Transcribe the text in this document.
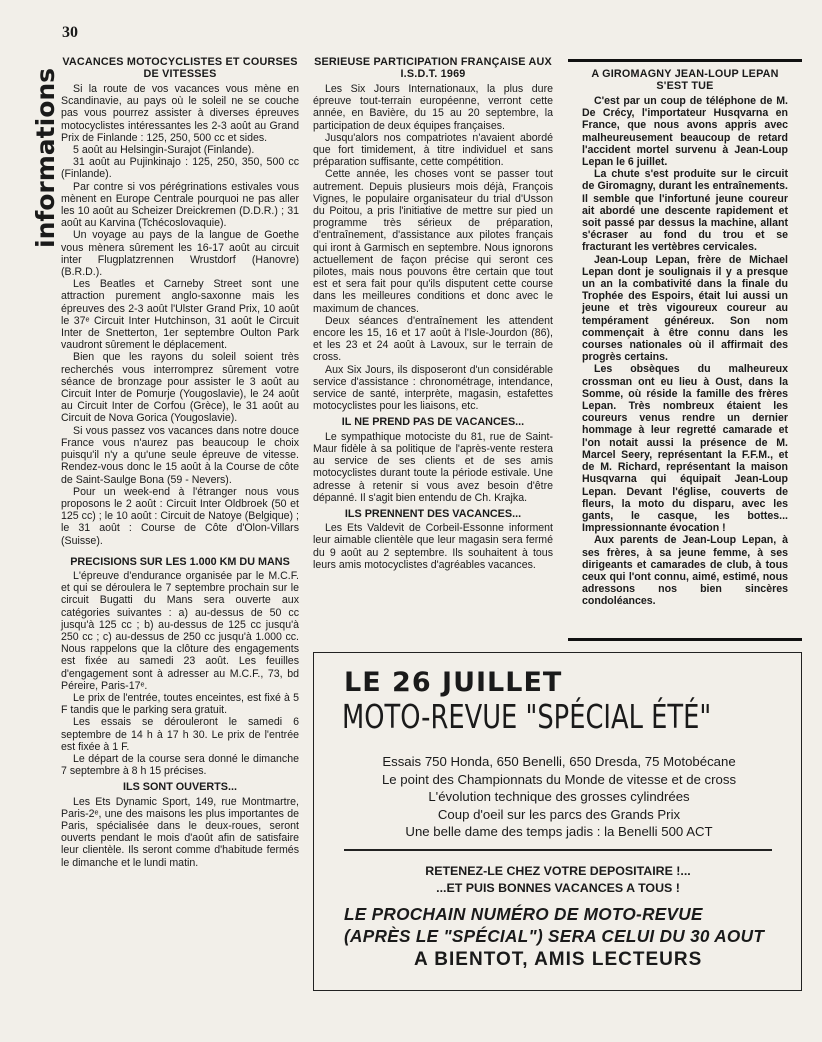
30
informations
VACANCES MOTOCYCLISTES ET COURSES DE VITESSES

Si la route de vos vacances vous mène en Scandinavie, au pays où le soleil ne se couche pas vous pourrez assister à diverses épreuves motocyclistes intéressantes les 2-3 août au Grand Prix de Finlande : 125, 250, 500 cc et sides.

5 août au Helsingin-Surajot (Finlande).

31 août au Pujinkinajo : 125, 250, 350, 500 cc (Finlande).

Par contre si vos pérégrinations estivales vous mènent en Europe Centrale pourquoi ne pas aller les 10 août au Scheizer Dreickremen (D.D.R.) ; 31 août au Karvina (Tchécoslovaquie).

Un voyage au pays de la langue de Goethe vous mènera sûrement les 16-17 août au circuit inter Flugplatzrennen Wrustdorf (Hanovre) (B.R.D.).

Les Beatles et Carneby Street sont une attraction purement anglo-saxonne mais les épreuves des 2-3 août l'Ulster Grand Prix, 10 août le 37ᵉ Circuit Inter Hutchinson, 31 août le Circuit Inter de Snetterton, 1er septembre Oulton Park vaudront sûrement le déplacement.

Bien que les rayons du soleil soient très recherchés vous interromprez sûrement votre séance de bronzage pour assister le 3 août au Circuit Inter de Pomurje (Yougoslavie), le 24 août au Circuit Inter de Corfou (Grèce), le 31 août au Circuit de Nova Gorica (Yougoslavie).

Si vous passez vos vacances dans notre douce France vous n'aurez pas beaucoup le choix puisqu'il n'y a qu'une seule épreuve de vitesse. Rendez-vous donc le 15 août à la Course de côte de Saint-Saulge Bona (59 - Nevers).

Pour un week-end à l'étranger nous vous proposons le 2 août : Circuit Inter Oldbroek (50 et 125 cc) ; le 10 août : Circuit de Natoye (Belgique) ; le 31 août : Course de Côte d'Olon-Villars (Suisse).

PRECISIONS SUR LES 1.000 KM DU MANS

L'épreuve d'endurance organisée par le M.C.F. et qui se déroulera le 7 septembre prochain sur le circuit Bugatti du Mans sera ouverte aux catégories suivantes : a) au-dessus de 50 cc jusqu'à 125 cc ; b) au-dessus de 125 cc jusqu'à 250 cc ; c) au-dessus de 250 cc jusqu'à 1.000 cc. Nous rappelons que la clôture des engagements est fixée au samedi 23 août. Les feuilles d'engagement sont à adresser au M.C.F., 73, bd Péreire, Paris-17ᵉ.

Le prix de l'entrée, toutes enceintes, est fixé à 5 F tandis que le parking sera gratuit.

Les essais se dérouleront le samedi 6 septembre de 14 h à 17 h 30. Le prix de l'entrée est fixée à 1 F.

Le départ de la course sera donné le dimanche 7 septembre à 8 h 15 précises.

ILS SONT OUVERTS...

Les Ets Dynamic Sport, 149, rue Montmartre, Paris-2ᵉ, une des maisons les plus importantes de Paris, spécialisée dans le deux-roues, seront ouverts pendant le mois d'août afin de satisfaire leur clientèle. Ils seront comme d'habitude fermés le dimanche et le lundi matin.

SERIEUSE PARTICIPATION FRANÇAISE AUX I.S.D.T. 1969

Les Six Jours Internationaux, la plus dure épreuve tout-terrain européenne, verront cette année, en Bavière, du 15 au 20 septembre, la participation de deux équipes françaises.

Jusqu'alors nos compatriotes n'avaient abordé que fort timidement, à titre individuel et sans préparation suffisante, cette compétition.

Cette année, les choses vont se passer tout autrement. Depuis plusieurs mois déjà, François Vignes, le populaire organisateur du trial d'Usson du Poitou, a pris l'initiative de mettre sur pied un programme très sérieux de préparation, d'entraînement, d'assistance aux pilotes français qui iront à Garmisch en septembre. Nous ignorons actuellement de façon précise qui seront ces pilotes, mais nous pouvons être certain que tout est et sera fait pour qu'ils disputent cette course dans les meilleures conditions et donc avec le maximum de chances.

Deux séances d'entraînement les attendent encore les 15, 16 et 17 août à l'Isle-Jourdon (86), et les 23 et 24 août à Lavoux, sur le terrain de cross.

Aux Six Jours, ils disposeront d'un considérable service d'assistance : chronométrage, intendance, service de santé, interprète, magasin, estafettes motocyclistes pour les liaisons, etc.

IL NE PREND PAS DE VACANCES...

Le sympathique motociste du 81, rue de Saint-Maur fidèle à sa politique de l'après-vente restera au service de ses clients et de ses amis motocyclistes durant toute la période estivale. Une adresse à retenir si vous avez besoin d'être dépanné. Il s'agit bien entendu de Ch. Krajka.

ILS PRENNENT DES VACANCES...

Les Ets Valdevit de Corbeil-Essonne informent leur aimable clientèle que leur magasin sera fermé du 9 août au 2 septembre. Ils souhaitent à tous leurs amis motocyclistes d'agréables vacances.

A GIROMAGNY JEAN-LOUP LEPAN S'EST TUE

C'est par un coup de téléphone de M. De Crécy, l'importateur Husqvarna en France, que nous avons appris avec malheureusement beaucoup de retard l'accident mortel survenu à Jean-Loup Lepan le 6 juillet.

La chute s'est produite sur le circuit de Giromagny, durant les entraînements. Il semble que l'infortuné jeune coureur ait abordé une descente rapidement et soit passé par dessus la machine, allant s'écraser au fond du trou et se fracturant les vertèbres cervicales.

Jean-Loup Lepan, frère de Michael Lepan dont je soulignais il y a presque un an la combativité dans la finale du Trophée des Espoirs, était lui aussi un jeune et très vigoureux coureur au tempérament généreux. Son nom commençait à être connu dans les courses nationales où il affirmait des progrès certains.

Les obsèques du malheureux crossman ont eu lieu à Oust, dans la Somme, où réside la famille des frères Lepan. Très nombreux étaient les coureurs venus rendre un dernier hommage à leur regretté camarade et l'on notait aussi la présence de M. Marcel Seery, représentant la F.F.M., et de M. Richard, représentant la maison Husqvarna qui équipait Jean-Loup Lepan. Devant l'église, couverts de fleurs, la moto du disparu, avec les gants, le casque, les bottes... Impressionnante évocation !

Aux parents de Jean-Loup Lepan, à ses frères, à sa jeune femme, à ses dirigeants et camarades de club, à tous ceux qui l'ont connu, aimé, estimé, nous adressons nos bien sincères condoléances.

LE 26 JUILLET
MOTO-REVUE "SPÉCIAL ÉTÉ"
Essais 750 Honda, 650 Benelli, 650 Dresda, 75 Motobécane
Le point des Championnats du Monde de vitesse et de cross
L'évolution technique des grosses cylindrées
Coup d'oeil sur les parcs des Grands Prix
Une belle dame des temps jadis : la Benelli 500 ACT
RETENEZ-LE CHEZ VOTRE DEPOSITAIRE !...
...ET PUIS BONNES VACANCES A TOUS !
LE PROCHAIN NUMÉRO DE MOTO-REVUE
(APRÈS LE "SPÉCIAL") SERA CELUI DU 30 AOUT
A BIENTOT, AMIS LECTEURS
